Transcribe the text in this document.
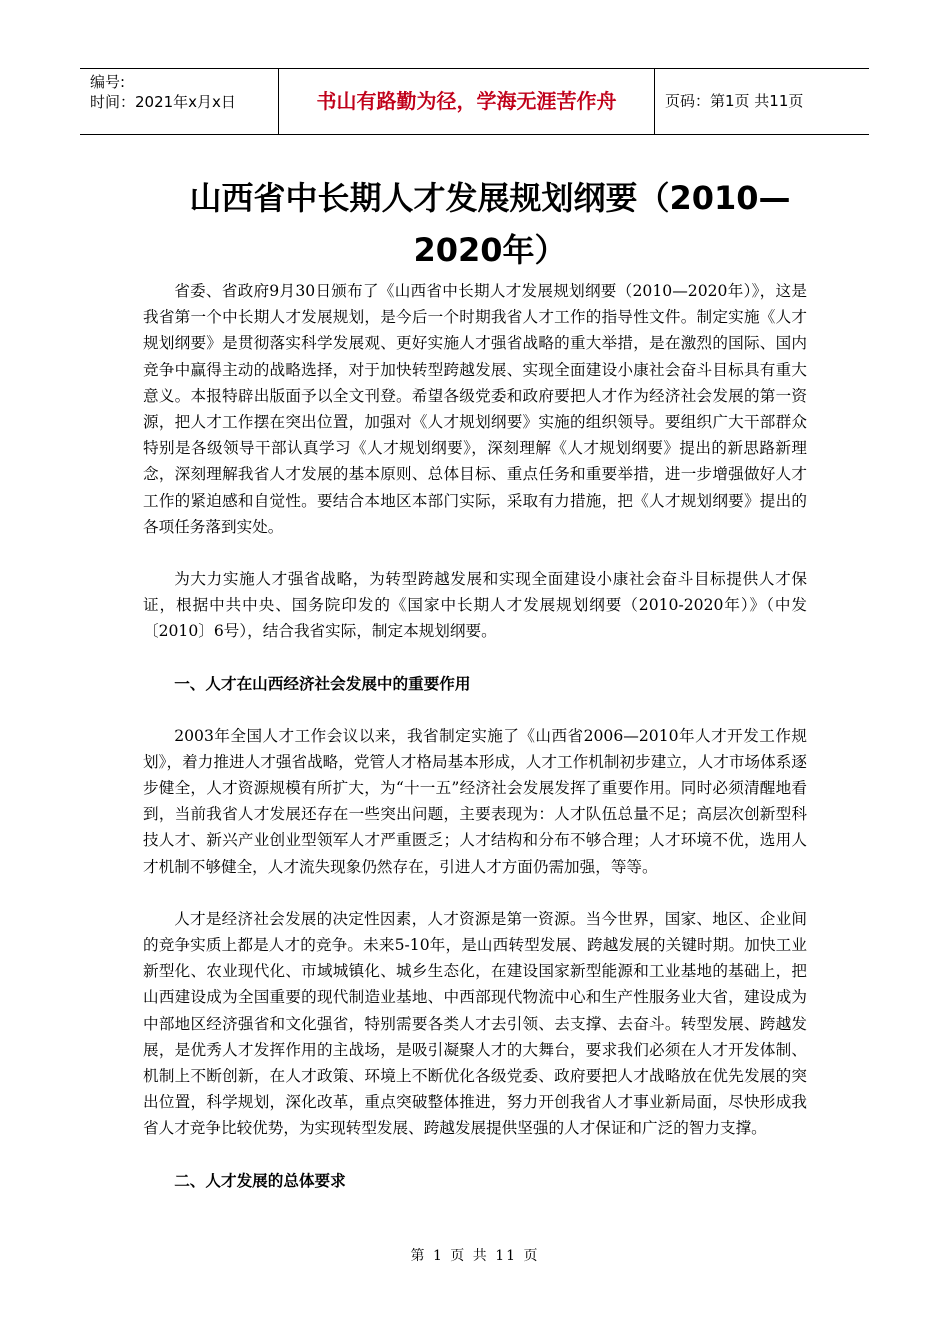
编号:
时间：2021年x月x日	书山有路勤为径，学海无涯苦作舟	页码：第1页 共11页
山西省中长期人才发展规划纲要（2010—
2020年）

省委、省政府9月30日颁布了《山西省中长期人才发展规划纲要（2010—2020年）》，这是我省第一个中长期人才发展规划，是今后一个时期我省人才工作的指导性文件。制定实施《人才规划纲要》是贯彻落实科学发展观、更好实施人才强省战略的重大举措，是在激烈的国际、国内竞争中赢得主动的战略选择，对于加快转型跨越发展、实现全面建设小康社会奋斗目标具有重大意义。本报特辟出版面予以全文刊登。希望各级党委和政府要把人才作为经济社会发展的第一资源，把人才工作摆在突出位置，加强对《人才规划纲要》实施的组织领导。要组织广大干部群众特别是各级领导干部认真学习《人才规划纲要》，深刻理解《人才规划纲要》提出的新思路新理念，深刻理解我省人才发展的基本原则、总体目标、重点任务和重要举措，进一步增强做好人才工作的紧迫感和自觉性。要结合本地区本部门实际，采取有力措施，把《人才规划纲要》提出的各项任务落到实处。

为大力实施人才强省战略，为转型跨越发展和实现全面建设小康社会奋斗目标提供人才保证，根据中共中央、国务院印发的《国家中长期人才发展规划纲要（2010-2020年）》（中发〔2010〕6号），结合我省实际，制定本规划纲要。

一、人才在山西经济社会发展中的重要作用

2003年全国人才工作会议以来，我省制定实施了《山西省2006—2010年人才开发工作规划》，着力推进人才强省战略，党管人才格局基本形成，人才工作机制初步建立，人才市场体系逐步健全，人才资源规模有所扩大，为“十一五”经济社会发展发挥了重要作用。同时必须清醒地看到，当前我省人才发展还存在一些突出问题，主要表现为：人才队伍总量不足；高层次创新型科技人才、新兴产业创业型领军人才严重匮乏；人才结构和分布不够合理；人才环境不优，选用人才机制不够健全，人才流失现象仍然存在，引进人才方面仍需加强，等等。

人才是经济社会发展的决定性因素，人才资源是第一资源。当今世界，国家、地区、企业间的竞争实质上都是人才的竞争。未来5-10年，是山西转型发展、跨越发展的关键时期。加快工业新型化、农业现代化、市域城镇化、城乡生态化，在建设国家新型能源和工业基地的基础上，把山西建设成为全国重要的现代制造业基地、中西部现代物流中心和生产性服务业大省，建设成为中部地区经济强省和文化强省，特别需要各类人才去引领、去支撑、去奋斗。转型发展、跨越发展，是优秀人才发挥作用的主战场，是吸引凝聚人才的大舞台，要求我们必须在人才开发体制、机制上不断创新，在人才政策、环境上不断优化各级党委、政府要把人才战略放在优先发展的突出位置，科学规划，深化改革，重点突破整体推进，努力开创我省人才事业新局面，尽快形成我省人才竞争比较优势，为实现转型发展、跨越发展提供坚强的人才保证和广泛的智力支撑。

二、人才发展的总体要求
第 1 页 共 11 页
